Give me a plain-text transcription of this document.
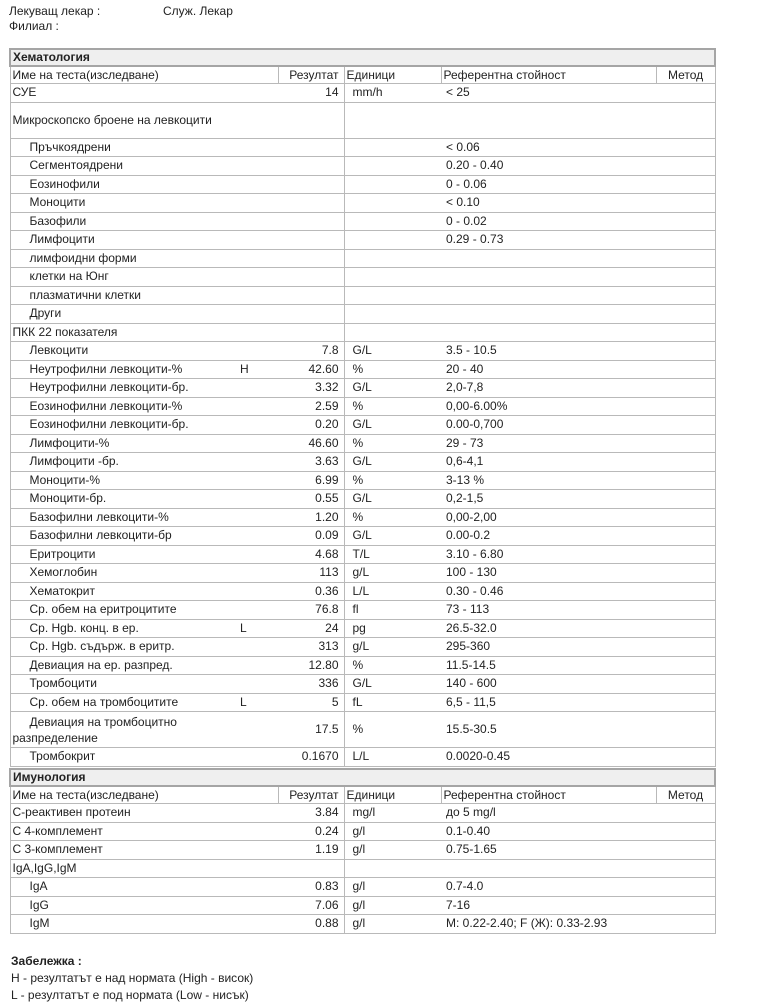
Лекуващ лекар :	Служ. Лекар
Филиал :
Хематология					
Име на теста(изследване)		Резултат	Единици	Референтна стойност	Метод
СУЕ		14	mm/h	< 25	
Микроскопско броене на левкоцити					
Пръчкоядрени				< 0.06	
Сегментоядрени				0.20 - 0.40	
Еозинофили				0 - 0.06	
Моноцити				< 0.10	
Базофили				0 - 0.02	
Лимфоцити				0.29 - 0.73	
лимфоидни форми					
клетки на Юнг					
плазматични клетки					
Други					
ПКК 22 показателя					
Левкоцити		7.8	G/L	3.5 - 10.5	
Неутрофилни левкоцити-%	H	42.60	%	20 - 40	
Неутрофилни левкоцити-бр.		3.32	G/L	2,0-7,8	
Еозинофилни левкоцити-%		2.59	%	0,00-6.00%	
Еозинофилни левкоцити-бр.		0.20	G/L	0.00-0,700	
Лимфоцити-%		46.60	%	29 - 73	
Лимфоцити -бр.		3.63	G/L	0,6-4,1	
Моноцити-%		6.99	%	3-13 %	
Моноцити-бр.		0.55	G/L	0,2-1,5	
Базофилни левкоцити-%		1.20	%	0,00-2,00	
Базофилни левкоцити-бр		0.09	G/L	0.00-0.2	
Еритроцити		4.68	T/L	3.10 - 6.80	
Хемоглобин		113	g/L	100 - 130	
Хематокрит		0.36	L/L	0.30 - 0.46	
Ср. обем на еритроцитите		76.8	fl	73 - 113	
Ср. Hgb. конц. в ер.	L	24	pg	26.5-32.0	
Ср. Hgb. съдърж. в еритр.		313	g/L	295-360	
Девиация на ер. разпред.		12.80	%	11.5-14.5	
Тромбоцити		336	G/L	140 - 600	
Ср. обем на тромбоцитите	L	5	fL	6,5 - 11,5	
Девиация на тромбоцитно разпределение		17.5	%	15.5-30.5	
Тромбокрит		0.1670	L/L	0.0020-0.45	
Имунология					
Име на теста(изследване)		Резултат	Единици	Референтна стойност	Метод
С-реактивен протеин		3.84	mg/l	до 5 mg/l	
С 4-комплемент		0.24	g/l	0.1-0.40	
С 3-комплемент		1.19	g/l	0.75-1.65	
IgA,IgG,IgM					
IgA		0.83	g/l	0.7-4.0	
IgG		7.06	g/l	7-16	
IgM		0.88	g/l	M: 0.22-2.40; F (Ж): 0.33-2.93	
Забележка :
H - резултатът е над нормата (High - висок)
L - резултатът е под нормата (Low - нисък)
